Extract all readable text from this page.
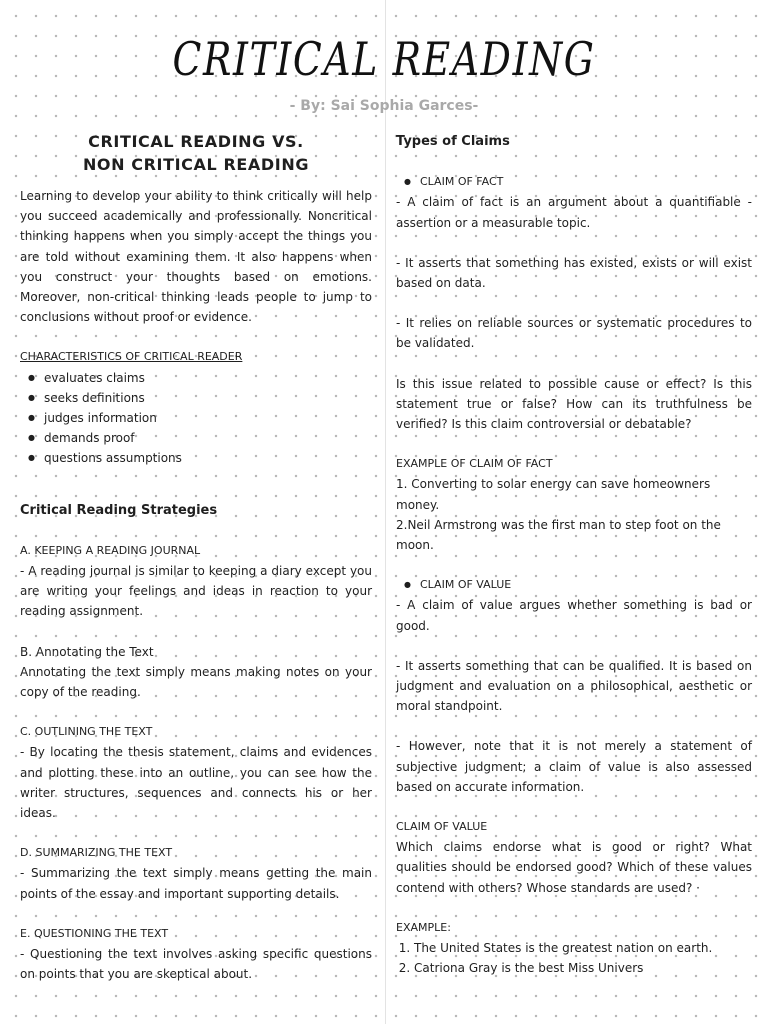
CRITICAL READING
- By: Sai Sophia Garces-
CRITICAL READING VS.
NON CRITICAL READING

Learning to develop your ability to think critically will help you succeed academically and professionally. Noncritical thinking happens when you simply accept the things you are told without examining them. It also happens when you construct your thoughts based on emotions. Moreover, non-critical thinking leads people to jump to conclusions without proof or evidence.

CHARACTERISTICS OF CRITICAL READER
● evaluates claims
● seeks definitions
● judges information
● demands proof
● questions assumptions
Critical Reading Strategies
A. KEEPING A READING JOURNAL
- A reading journal is similar to keeping a diary except you are writing your feelings and ideas in reaction to your reading assignment.
B. Annotating the Text
Annotating the text simply means making notes on your copy of the reading.
C. OUTLINING THE TEXT
- By locating the thesis statement, claims and evidences and plotting these into an outline, you can see how the writer structures, sequences and connects his or her ideas.
D. SUMMARIZING THE TEXT
- Summarizing the text simply means getting the main points of the essay and important supporting details.
E. QUESTIONING THE TEXT
- Questioning the text involves asking specific questions on points that you are skeptical about.
Types of Claims
● CLAIM OF FACT
- A claim of fact is an argument about a quantifiable - assertion or a measurable topic.
- It asserts that something has existed, exists or will exist based on data.
- It relies on reliable sources or systematic procedures to be validated.
Is this issue related to possible cause or effect? Is this statement true or false? How can its truthfulness be verified? Is this claim controversial or debatable?
EXAMPLE OF CLAIM OF FACT
1. Converting to solar energy can save homeowners money.
2.Neil Armstrong was the first man to step foot on the moon.
● CLAIM OF VALUE
- A claim of value argues whether something is bad or good.
- It asserts something that can be qualified. It is based on judgment and evaluation on a philosophical, aesthetic or moral standpoint.
- However, note that it is not merely a statement of subjective judgment; a claim of value is also assessed based on accurate information.
CLAIM OF VALUE
Which claims endorse what is good or right? What qualities should be endorsed good? Which of these values contend with others? Whose standards are used? ·
EXAMPLE:
1. The United States is the greatest nation on earth.
2. Catriona Gray is the best Miss Univers
